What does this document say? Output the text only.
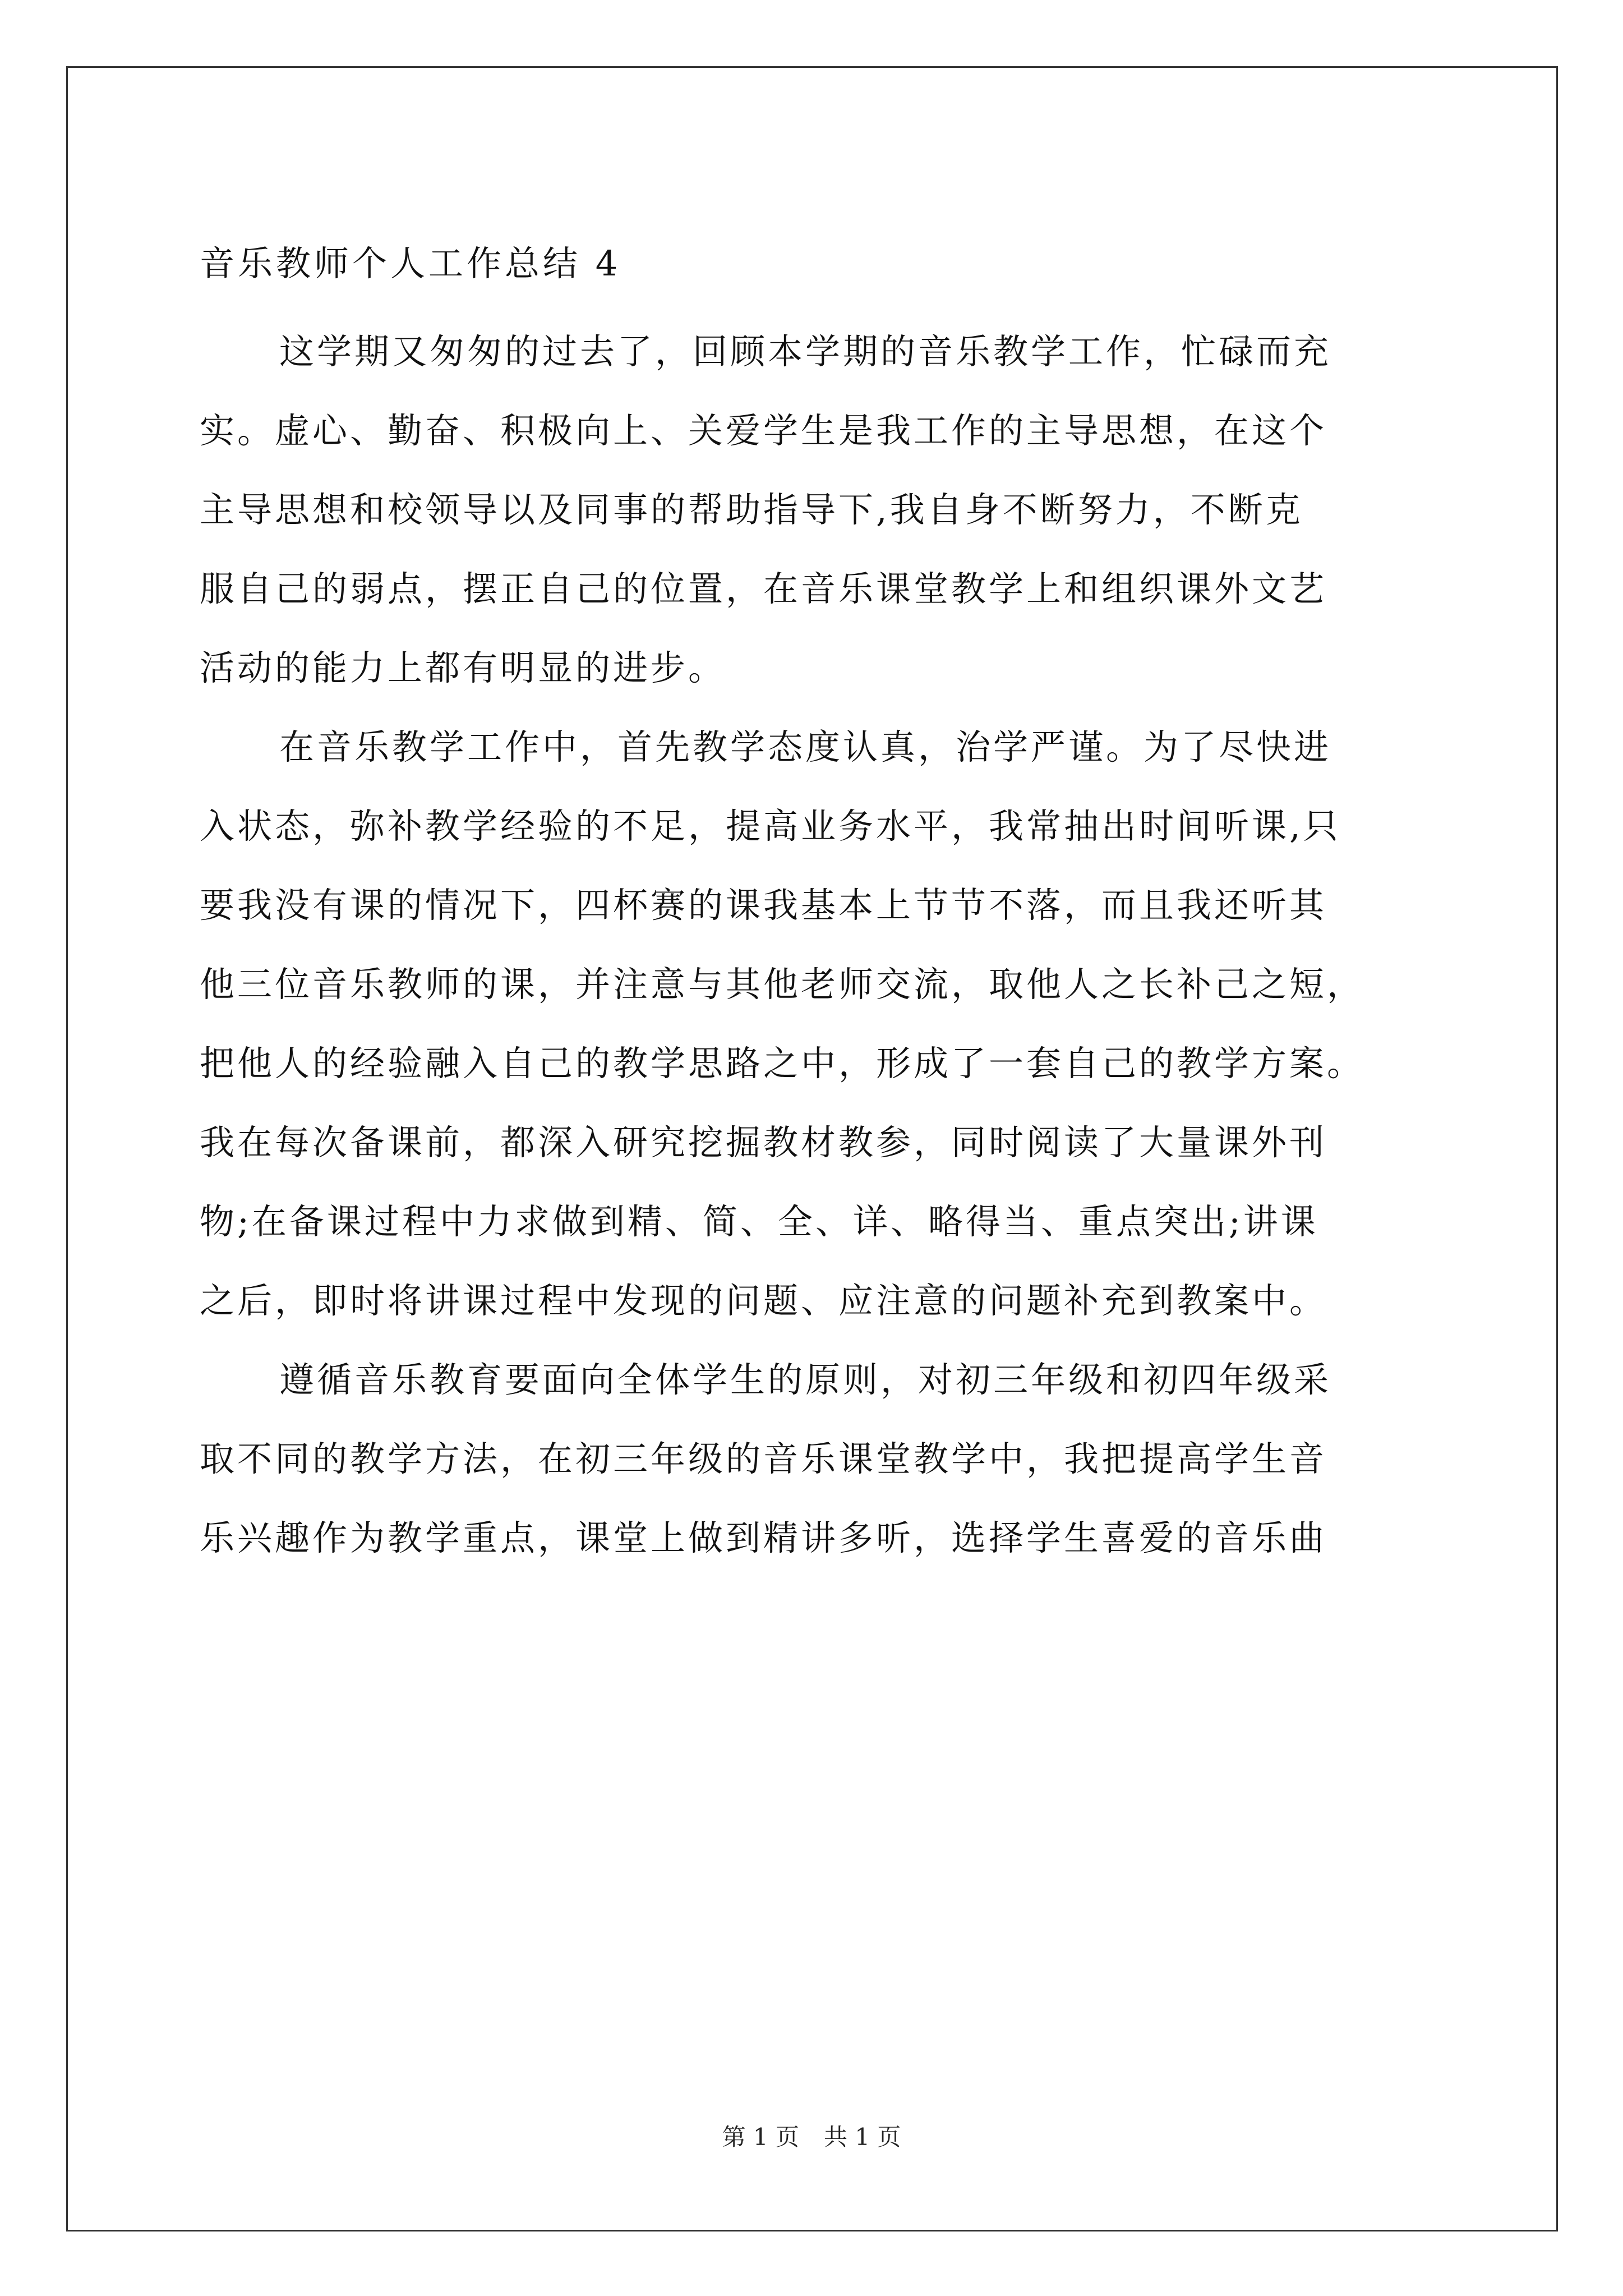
音乐教师个人工作总结 4
这学期又匆匆的过去了，回顾本学期的音乐教学工作，忙碌而充
实。虚心、勤奋、积极向上、关爱学生是我工作的主导思想，在这个
主导思想和校领导以及同事的帮助指导下,我自身不断努力，不断克
服自己的弱点，摆正自己的位置，在音乐课堂教学上和组织课外文艺
活动的能力上都有明显的进步。
在音乐教学工作中，首先教学态度认真，治学严谨。为了尽快进
入状态，弥补教学经验的不足，提高业务水平，我常抽出时间听课,只
要我没有课的情况下，四杯赛的课我基本上节节不落，而且我还听其
他三位音乐教师的课，并注意与其他老师交流，取他人之长补己之短，
把他人的经验融入自己的教学思路之中，形成了一套自己的教学方案。
我在每次备课前，都深入研究挖掘教材教参，同时阅读了大量课外刊
物;在备课过程中力求做到精、简、全、详、略得当、重点突出;讲课
之后，即时将讲课过程中发现的问题、应注意的问题补充到教案中。
遵循音乐教育要面向全体学生的原则，对初三年级和初四年级采
取不同的教学方法，在初三年级的音乐课堂教学中，我把提高学生音
乐兴趣作为教学重点，课堂上做到精讲多听，选择学生喜爱的音乐曲
第 1 页 共 1 页
